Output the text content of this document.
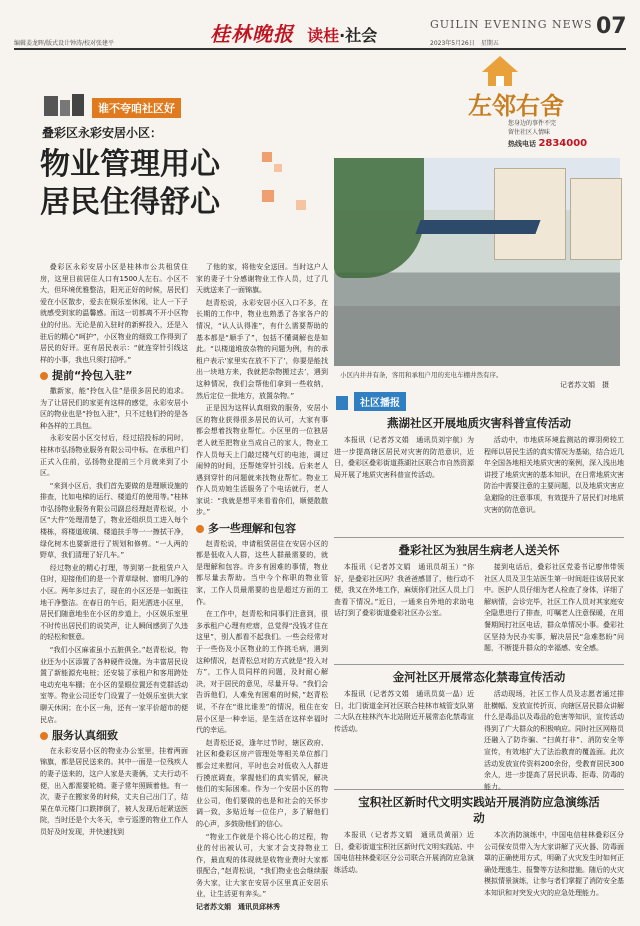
编辑姜龙晖/版式设计钟涛/校对张建平	桂林晚报 读桂·社会
GUILIN EVENING NEWS 07
2023年5月26日　星期五
左邻右舍
您身边的事件不完
留住社区人情味
热线电话 2834000
谁不夸咱社区好
叠彩区永彩安居小区：
物业管理用心
居民住得舒心
小区内井井有条，客用和承租户用的充电车棚井然有序。
记者苏文娟　摄

叠彩区永彩安居小区是桂林市公共租赁住房，这里目前居住人口有1500人左右。小区不大，但环境优雅整洁，阳光正好的时候，居民们爱在小区散步，爱去在娱乐室休闲，让人一下子就感受到家的温馨感。而这一切都离不开小区物业的付出。无论是前入驻时的新鲜投入，还是入驻后的精心“呵护”，小区物业的细致工作得到了居民的好评。更有居民表示：“就连穿针引线这样的小事，我也只须打招呼。”

提前“拎包入驻”

撒新家，能“拎包入住”是很多居民的追求。为了让居民们的家更有这样的感觉，永彩安居小区的物业也是“拎包入驻”，只不过他们拎的是各种各样的工具包。

永彩安居小区交付后，经过招投标的同时，桂林市弘扬物业服务有限公司中标。在承租户们正式入住前，弘扬物业提前三个月就来到了小区。

“来到小区后，我们首先要做的是理顺设施的排查，比如电梯的运行、楼道灯的使用等。”桂林市弘扬物业服务有限公司副总经理赵青松说，小区“大件”处理清楚了，物业还组织员工进入每个楼栋，将楼道玻璃、楼道扶手等一一擦拭干净，绿化树木也要新进行了规划和修剪。“一人两的野草，我们清理了好几车。”

经过物业的精心打理，等到第一批租赁户入住时，迎接他们的是一个青草绿树、窗明几净的小区。两年多过去了，现在的小区还是一如既往地干净整洁。在春日的午后，阳光洒进小区里，居民们随意地坐在小区的步道上，小区娱乐室里不时传出居民们的说笑声，让人瞬间感到了久违的轻松和惬意。

“我们小区麻雀虽小五脏俱全。”赵青松说，物业还为小区添置了各种硬件设施。为丰富居民设置了新能源充电桩；还安装了承租户和客用跨处电动充电车棚；在小区的显眼位置还有党群活动室等。物业公司还专门设置了一处娱乐室供大家聊天休闲；在小区一角，还有一家平价超市的便民店。

服务认真细致

在永彩安居小区的物业办公室里，挂着两面锦旗，都是居民送来的。其中一面是一位残疾人的妻子送来的，这户人家是夫妻俩，丈夫行动不便，出入都需要轮椅。妻子常年照顾着他。有一次，妻子在搬家务的时候，丈夫自己出门了，结果在单元楼门口跌摔倒了，被人发现后赶紧送医院，当时还是个大冬天，幸亏巡逻的物业工作人员好及时发现，并快速找到

了他的家，将他安全送回。当时这户人家的妻子十分感谢物业工作人员，过了几天就送来了一面锦旗。

赵青松说，永彩安居小区入口不多，在长期的工作中，物业也熟悉了各家各户的情况，“认人认得准”，有什么需要帮助的基本都是“顺手了”，包括不懂调解也是如此。“以楼道堆放杂物的问题为例，有的承租户表示‘家里实在放不下了’，你要是能找出一块地方来，我就把杂物搬过去’，遇到这种情况，我们会帮他们拿到一些收纳，然后定位一批地方，放置杂物。”

正是因为这样认真细致的服务，安居小区的物业获得很多居民的认可，大家有事都会想着找物业帮忙。小区里的一位独居老人就至把物业当成自己的家人，物业工作人员每天上门敲过楼气灯的电池，调过闹钟的时间，还帮她穿针引线。后来老人遇到穿针的问题就来找物业帮忙。物业工作人员劝她生活服务了个电话就行，老人家说：“我就是想平来看看你们，顺便散散步。”

多一些理解和包容

赵青松说，申请租赁居住在安居小区的都是低收入人群，这些人群最需要的，就是理解和包容。许多有困难的事情，物业都尽量去帮助。当中今个称职的物业管家，工作人员最需要的也是超过方面的工作。

在工作中，赵青松和同事们注意到，很多承租户心理有疙瘩，总觉得“没钱才住在这里”，别人都看不起我们。一些会经常对于一些伤及小区物业的工作挑毛病，遇到这种情况，赵青松总对的方式就是“投入对方”，工作人员同样的问题，及时耐心解决，对于居民的意见，尽量开导。“我们会告诉他们，人难免有困难的时候，”赵青松说，不存在“谁比谁差”的情况，租住在安居小区是一种幸运，是生活在这样幸福时代的幸运。

赵青松还说，逢年过节时，辖区政府、社区和叠彩区房产管理处等相关单位都门都会过来慰问，平时也会对低收入人群进行摸底调查，掌握他们的真实情况，解决他们的实际困难。作为一个安居小区的物业公司，他们要做的也是和社会的关怀步调一致，多贴近每一位住户，多了解他们的心声，多鼓励他们的信心。

“物业工作就是个将心比心的过程，物业的付出被认可，大家才会支持物业工作，最直观的体现就是收物业费时大家都很配合，”赵青松说，“我们物业也会继续服务大家，让大家在安居小区里真正安居乐业，让生活更有奔头。”

记者苏文娟　通讯员邱林秀

社区播报
燕湖社区开展地质灾害科普宣传活动
本报讯（记者苏文娟　通讯员刘宇航）为进一步提高辖区居民对灾害的防范意识，近日，叠彩区叠彩街道燕湖社区联合市自然资源局开展了地质灾害科普宣传活动。
活动中，市地质环境监测站的谭羽荷较工程师以居民生活的真实情况为基础，结合近几年全国各地相关地质灾害的案例，深入浅出地讲授了地质灾害的基本知识，在日常地质灾害防治中需要注意的主要问题，以及地质灾害应急避险的注意事项，有效提升了居民们对地质灾害的防范意识。
叠彩社区为独居生病老人送关怀
本报讯（记者苏文娟　通讯员胡玉）“你好，是叠彩社区吗？我爸爸感冒了，他行动不便，我又在外地工作，麻烦你们社区人员上门查看下情况。”近日，一通来自外地的求助电话打到了叠彩街道叠彩社区办公室。
接到电话后，叠彩社区党委书记廖伟带领社区人员及卫生站医生第一时间赶往该居民家中。医护人员仔细为老人检查了身体，详细了解病情，会诊完毕，社区工作人员对其家庭安全隐患进行了排查，叮嘱老人注意保暖，在用餐期间打社区电话，群众单情况小事。叠彩社区坚持为民办实事，解决居民“急难愁盼”问题，不断提升群众的幸福感、安全感。
金河社区开展常态化禁毒宣传活动
本报讯（记者苏文娟　通讯员莫一晶）近日，北门街道金河社区联合桂林市城管支队第二大队在桂林汽车北站附近开展常态化禁毒宣传活动。
活动现场，社区工作人员及志愿者通过排肚横幅、发放宣传折页、向辖区居民群众讲解什么是毒品以及毒品的危害等知识，宣传活动得到了广大群众的积极响应。同时社区网格员还融入了防诈骗、“扫黄打非”、消防安全等宣传，有效地扩大了法治教育的覆盖面。此次活动发放宣传资料200余份，受教育居民300余人，进一步提高了居民识毒、拒毒、防毒的能力。
宝积社区新时代文明实践站开展消防应急演练活动
本报讯（记者苏文娟　通讯员黄丽）近日，叠彩街道宝积社区新时代文明实践站、中国电信桂林叠彩区分公司联合开展消防应急演练活动。
本次消防演练中，中国电信桂林叠彩区分公司保安员带入为大家讲解了灭火器、防毒面罩的正确使用方式，明确了火灾发生时如何正确处理逃生、报警等方法和措施。随后的火灾模拟情景演练，让参与者们掌握了消防安全基本知识和对突发火灾的应急处理能力。
